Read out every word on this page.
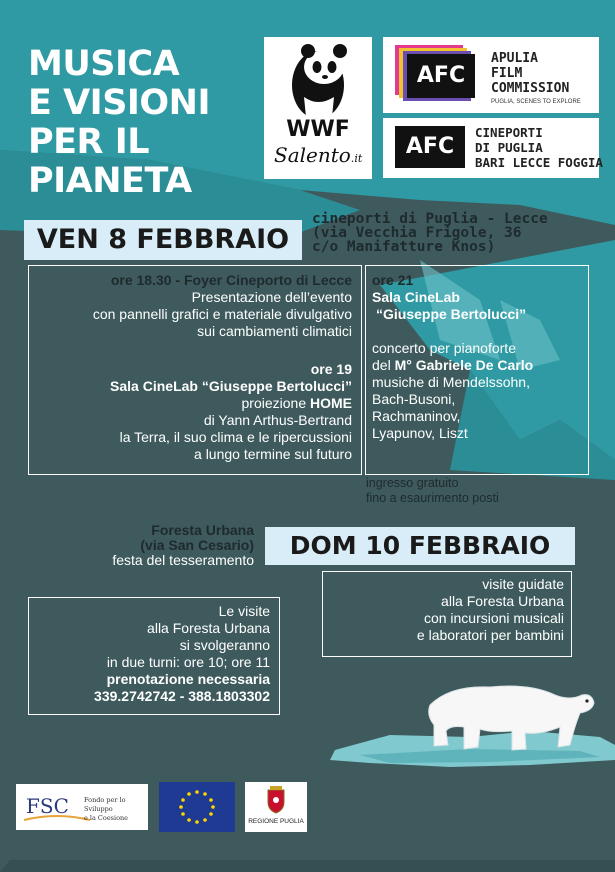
MUSICA
E VISIONI
PER IL
PIANETA
WWF
Salento.it
AFC
APULIA
FILM
COMMISSION
PUGLIA, SCENES TO EXPLORE
AFC
CINEPORTI
DI PUGLIA
BARI LECCE FOGGIA
VEN 8 FEBBRAIO
cineporti di Puglia - Lecce
(via Vecchia Frigole, 36
c/o Manifatture Knos)
ore 18.30 - Foyer Cineporto di Lecce
Presentazione dell’evento
con pannelli grafici e materiale divulgativo
sui cambiamenti climatici
ore 19
Sala CineLab “Giuseppe Bertolucci”
proiezione HOME
di Yann Arthus-Bertrand
la Terra, il suo clima e le ripercussioni
a lungo termine sul futuro
ore 21
Sala CineLab
“Giuseppe Bertolucci”
concerto per pianoforte
del M° Gabriele De Carlo
musiche di Mendelssohn,
Bach-Busoni,
Rachmaninov,
Lyapunov, Liszt
ingresso gratuito
fino a esaurimento posti
Foresta Urbana
(via San Cesario)
festa del tesseramento	DOM 10 FEBBRAIO
Le visite
alla Foresta Urbana
si svolgeranno
in due turni: ore 10; ore 11
prenotazione necessaria
339.2742742 - 388.1803302
visite guidate
alla Foresta Urbana
con incursioni musicali
e laboratori per bambini
FSC Fondo per lo Sviluppo
e la Coesione	REGIONE PUGLIA
